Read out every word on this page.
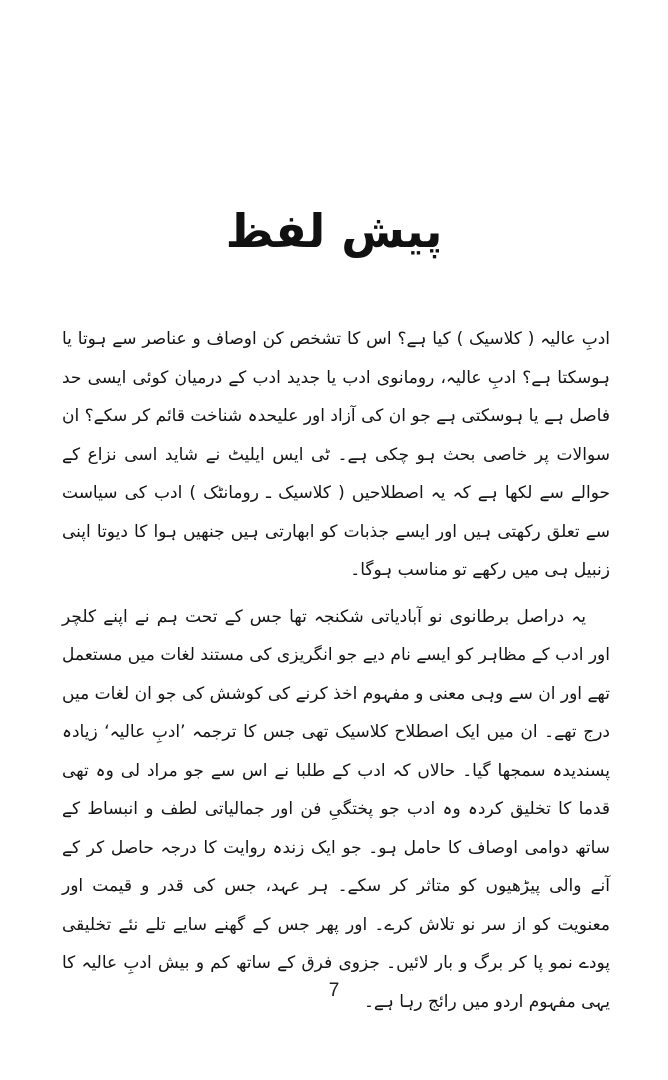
پیش لفظ

ادبِ عالیہ ( کلاسیک ) کیا ہے؟ اس کا تشخص کن اوصاف و عناصر سے ہوتا یا ہوسکتا ہے؟ ادبِ عالیہ، رومانوی ادب یا جدید ادب کے درمیان کوئی ایسی حد فاصل ہے یا ہوسکتی ہے جو ان کی آزاد اور علیحدہ شناخت قائم کر سکے؟ ان سوالات پر خاصی بحث ہو چکی ہے۔ ٹی ایس ایلیٹ نے شاید اسی نزاع کے حوالے سے لکھا ہے کہ یہ اصطلاحیں ( کلاسیک ـ رومانٹک ) ادب کی سیاست سے تعلق رکھتی ہیں اور ایسے جذبات کو ابھارتی ہیں جنھیں ہوا کا دیوتا اپنی زنبیل ہی میں رکھے تو مناسب ہوگا۔

یہ دراصل برطانوی نو آبادیاتی شکنجہ تھا جس کے تحت ہم نے اپنے کلچر اور ادب کے مظاہر کو ایسے نام دیے جو انگریزی کی مستند لغات میں مستعمل تھے اور ان سے وہی معنی و مفہوم اخذ کرنے کی کوشش کی جو ان لغات میں درج تھے۔ ان میں ایک اصطلاح کلاسیک تھی جس کا ترجمہ ’ادبِ عالیہ‘ زیادہ پسندیدہ سمجھا گیا۔ حالاں کہ ادب کے طلبا نے اس سے جو مراد لی وہ تھی قدما کا تخلیق کردہ وہ ادب جو پختگیِ فن اور جمالیاتی لطف و انبساط کے ساتھ دوامی اوصاف کا حامل ہو۔ جو ایک زندہ روایت کا درجہ حاصل کر کے آنے والی پیڑھیوں کو متاثر کر سکے۔ ہر عہد، جس کی قدر و قیمت اور معنویت کو از سر نو تلاش کرے۔ اور پھر جس کے گھنے سایے تلے نئے تخلیقی پودے نمو پا کر برگ و بار لائیں۔ جزوی فرق کے ساتھ کم و بیش ادبِ عالیہ کا یہی مفہوم اردو میں رائج رہا ہے۔

7
